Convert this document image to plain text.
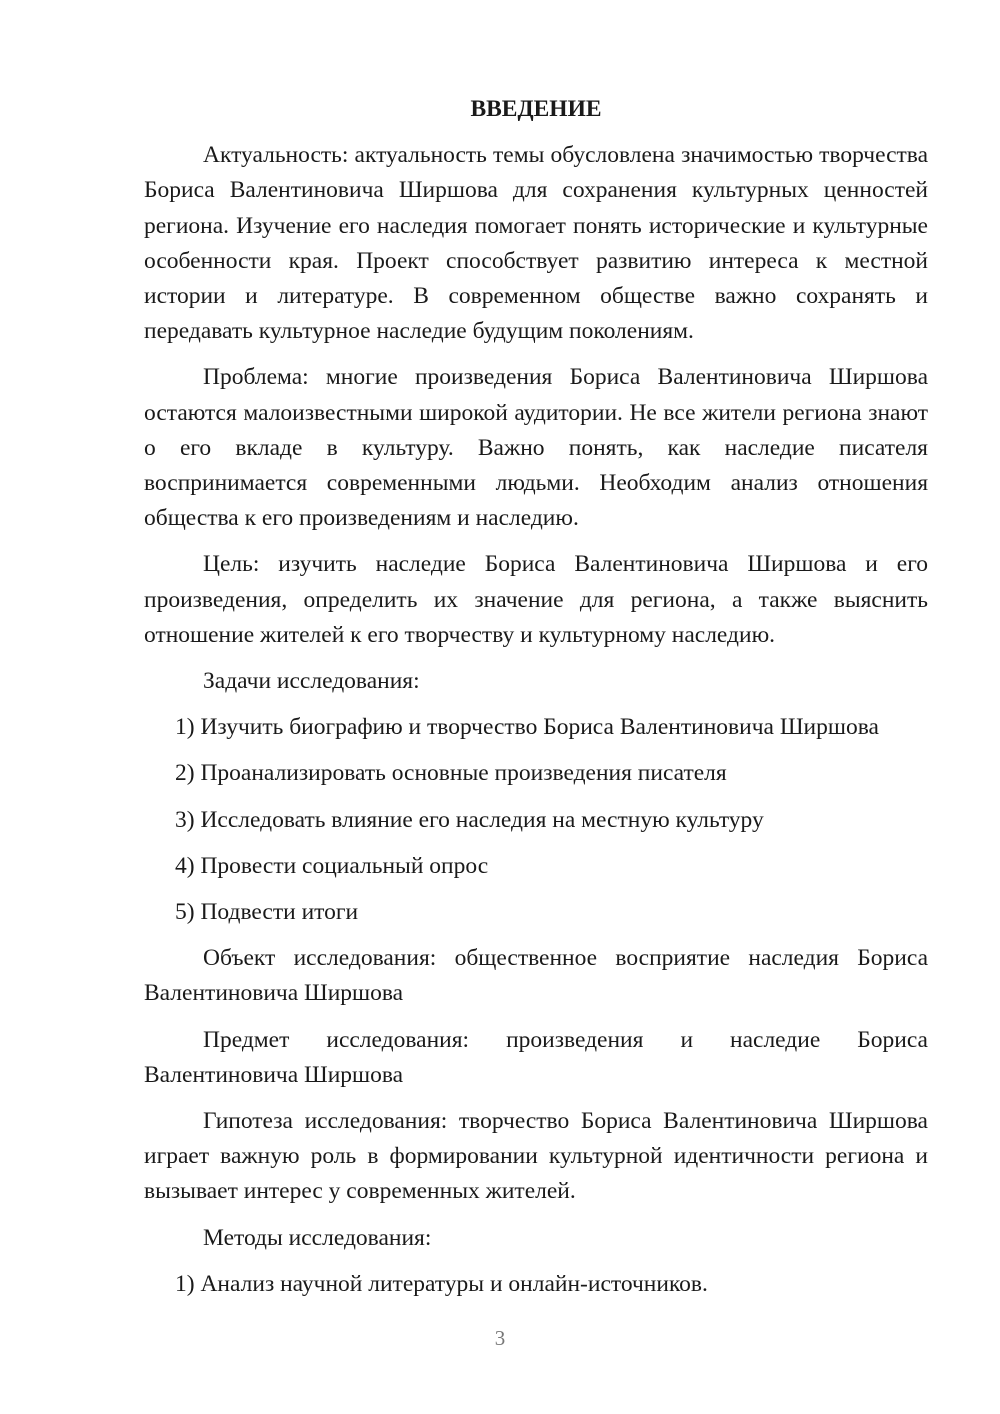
ВВЕДЕНИЕ
Актуальность: актуальность темы обусловлена значимостью творчества Бориса Валентиновича Ширшова для сохранения культурных ценностей региона. Изучение его наследия помогает понять исторические и культурные особенности края. Проект способствует развитию интереса к местной истории и литературе. В современном обществе важно сохранять и передавать культурное наследие будущим поколениям.
Проблема: многие произведения Бориса Валентиновича Ширшова остаются малоизвестными широкой аудитории. Не все жители региона знают о его вкладе в культуру. Важно понять, как наследие писателя воспринимается современными людьми. Необходим анализ отношения общества к его произведениям и наследию.
Цель: изучить наследие Бориса Валентиновича Ширшова и его произведения, определить их значение для региона, а также выяснить отношение жителей к его творчеству и культурному наследию.
Задачи исследования:
1) Изучить биографию и творчество Бориса Валентиновича Ширшова
2) Проанализировать основные произведения писателя
3) Исследовать влияние его наследия на местную культуру
4) Провести социальный опрос
5) Подвести итоги
Объект исследования: общественное восприятие наследия Бориса Валентиновича Ширшова
Предмет исследования: произведения и наследие Бориса Валентиновича Ширшова
Гипотеза исследования: творчество Бориса Валентиновича Ширшова играет важную роль в формировании культурной идентичности региона и вызывает интерес у современных жителей.
Методы исследования:
1) Анализ научной литературы и онлайн-источников.
3
